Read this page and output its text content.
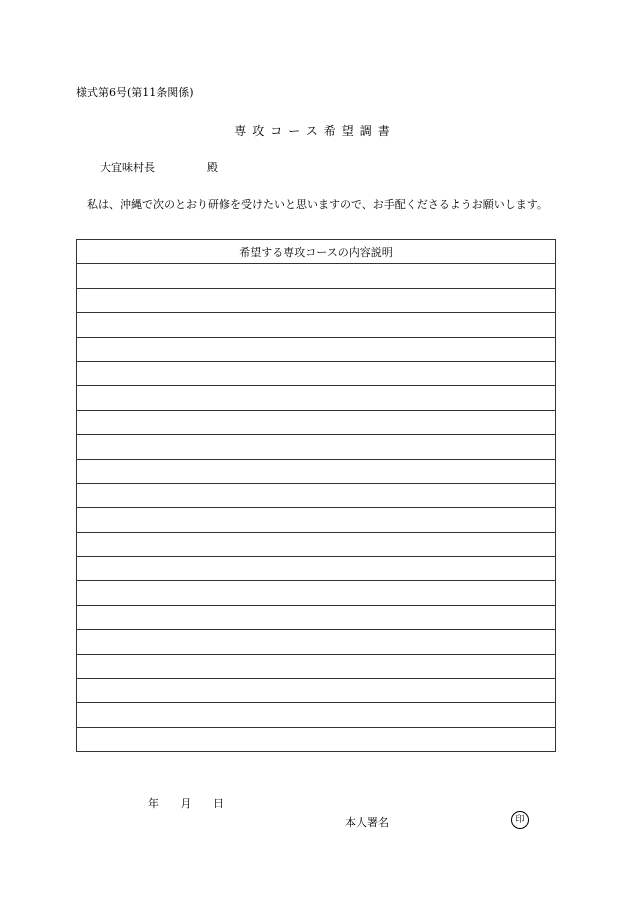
様式第6号(第11条関係)
専攻コース希望調書
大宜味村長	殿
私は、沖縄で次のとおり研修を受けたいと思いますので、お手配くださるようお願いします。
希望する専攻コースの内容説明

年 月 日
本人署名	印
